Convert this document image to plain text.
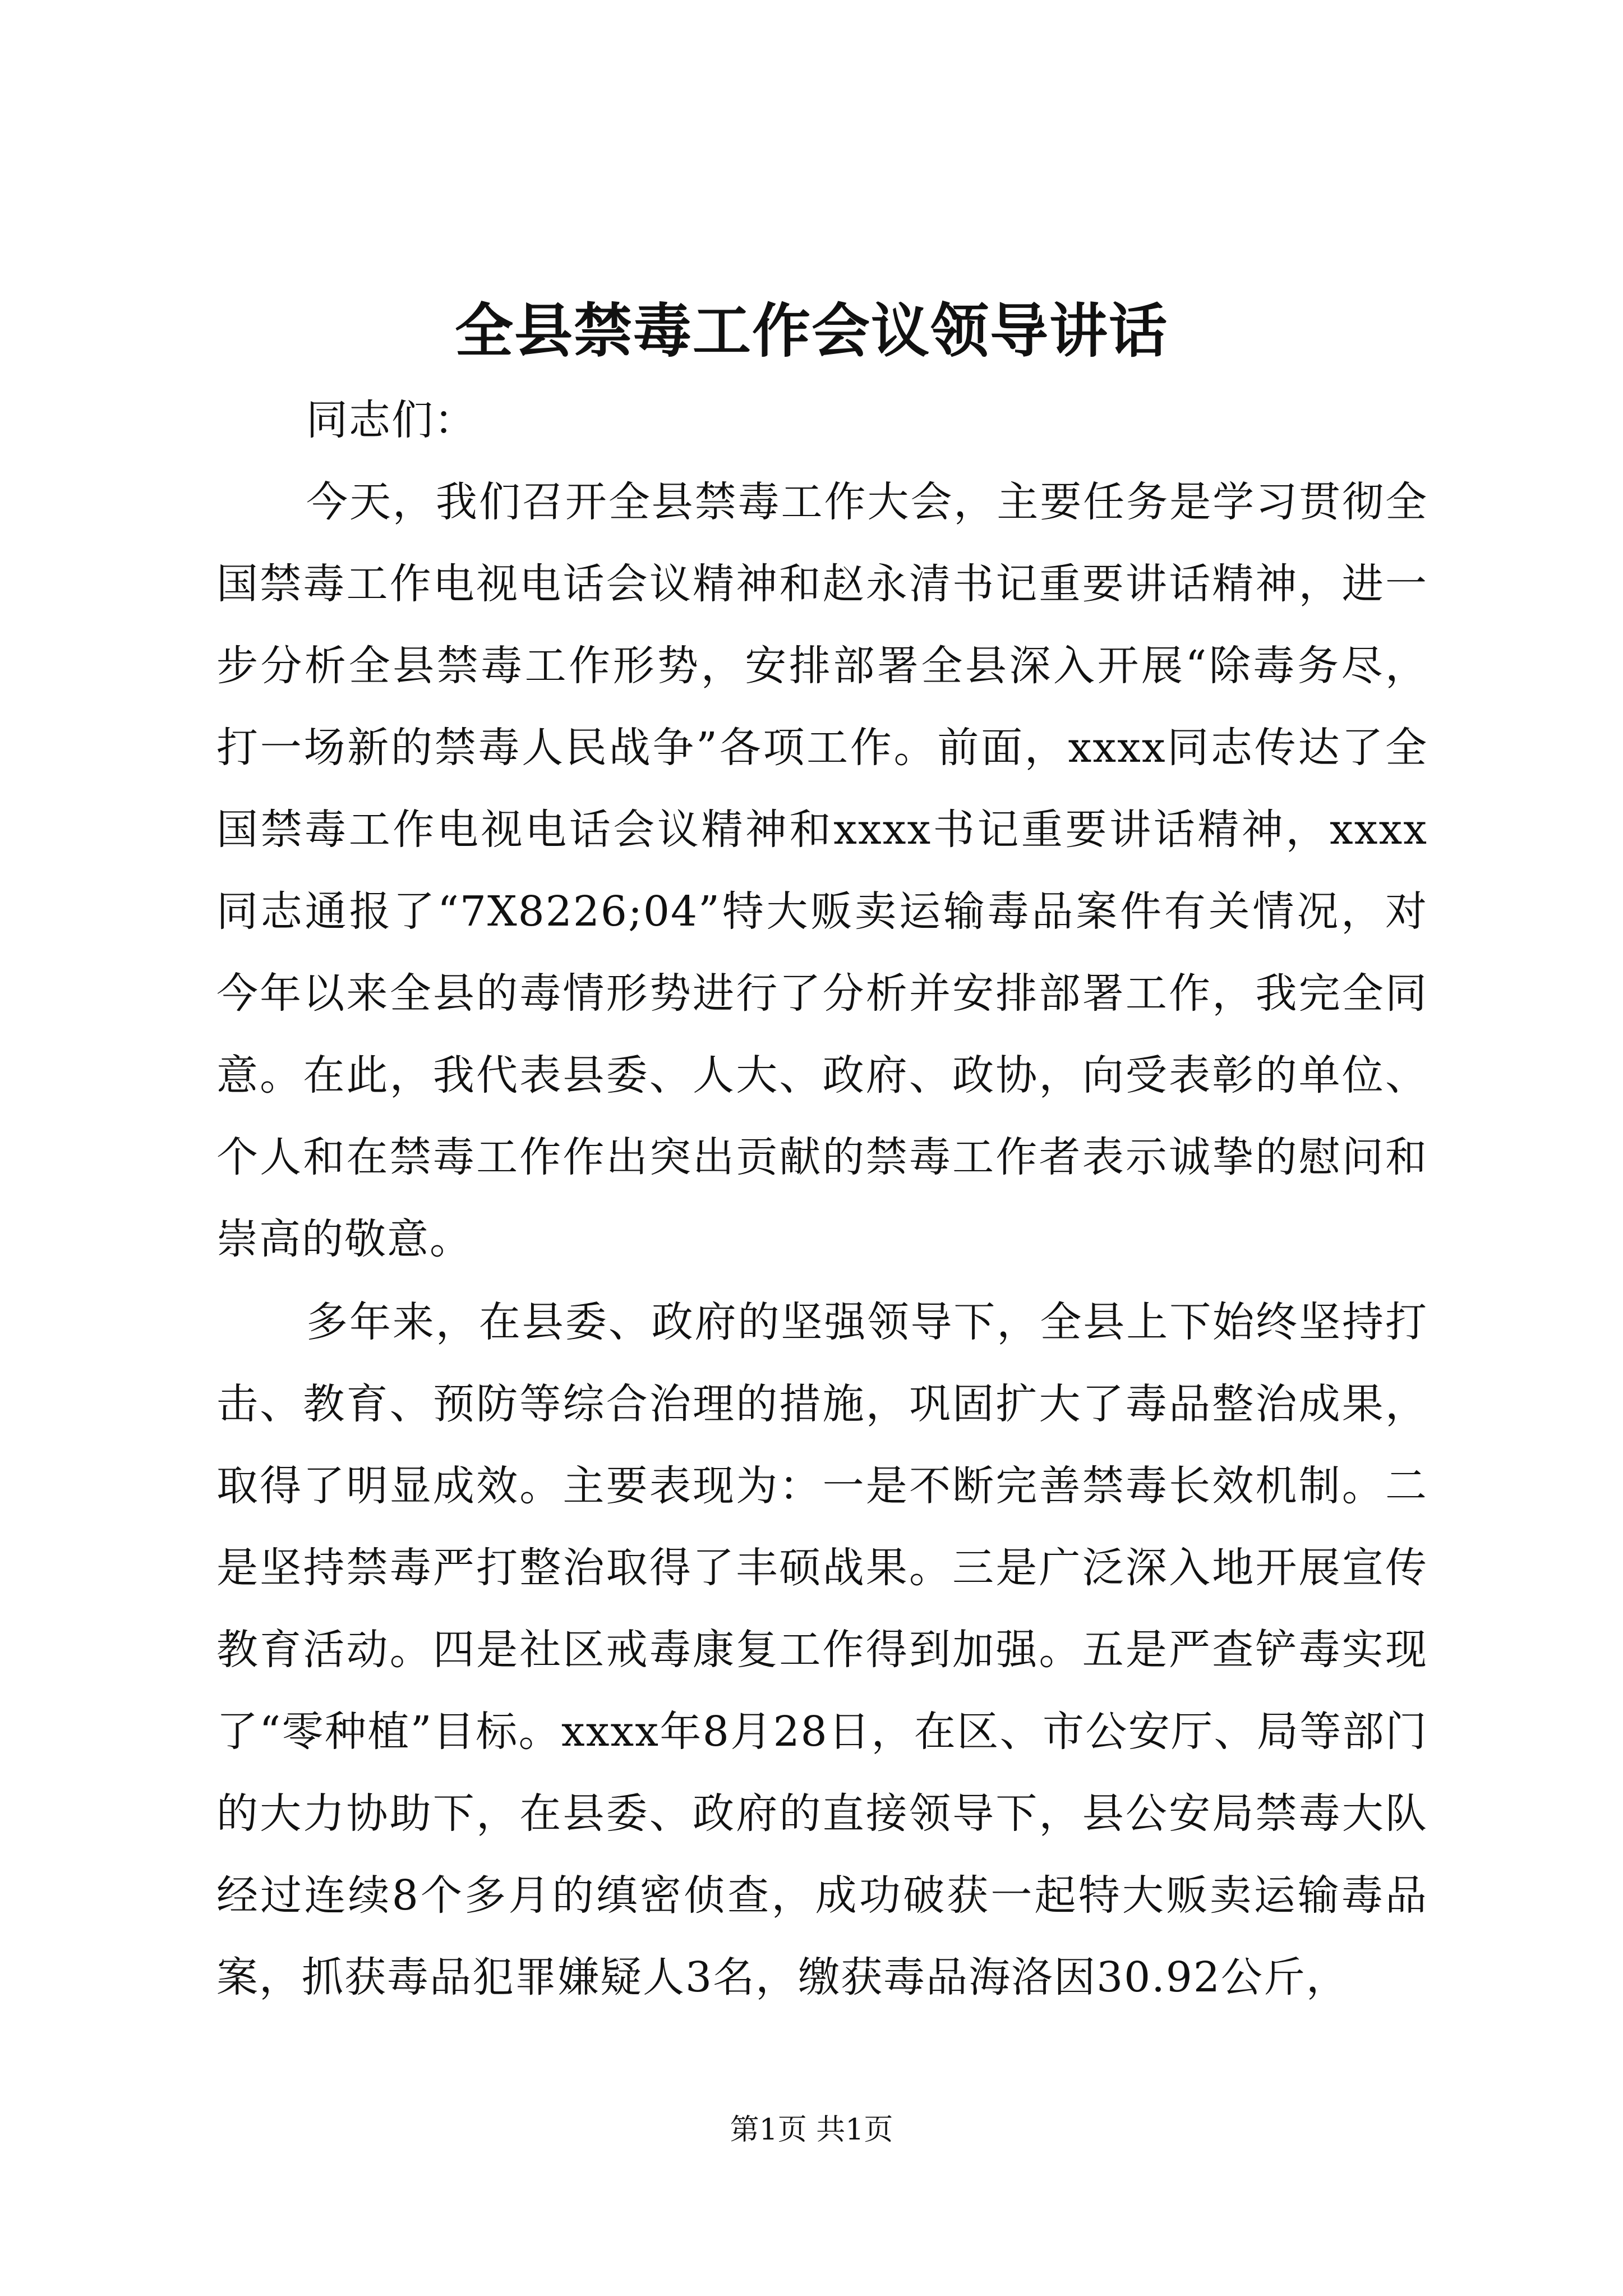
全县禁毒工作会议领导讲话

同志们：

今天，我们召开全县禁毒工作大会，主要任务是学习贯彻全国禁毒工作电视电话会议精神和赵永清书记重要讲话精神，进一步分析全县禁毒工作形势，安排部署全县深入开展“除毒务尽，打一场新的禁毒人民战争”各项工作。前面，xxxx同志传达了全国禁毒工作电视电话会议精神和xxxx书记重要讲话精神，xxxx同志通报了“7X8226;04”特大贩卖运输毒品案件有关情况，对今年以来全县的毒情形势进行了分析并安排部署工作，我完全同意。在此，我代表县委、人大、政府、政协，向受表彰的单位、个人和在禁毒工作作出突出贡献的禁毒工作者表示诚挚的慰问和崇高的敬意。

多年来，在县委、政府的坚强领导下，全县上下始终坚持打击、教育、预防等综合治理的措施，巩固扩大了毒品整治成果，取得了明显成效。主要表现为：一是不断完善禁毒长效机制。二是坚持禁毒严打整治取得了丰硕战果。三是广泛深入地开展宣传教育活动。四是社区戒毒康复工作得到加强。五是严查铲毒实现了“零种植”目标。xxxx年8月28日，在区、市公安厅、局等部门的大力协助下，在县委、政府的直接领导下，县公安局禁毒大队经过连续8个多月的缜密侦查，成功破获一起特大贩卖运输毒品案，抓获毒品犯罪嫌疑人3名，缴获毒品海洛因30.92公斤，

第1页 共1页
